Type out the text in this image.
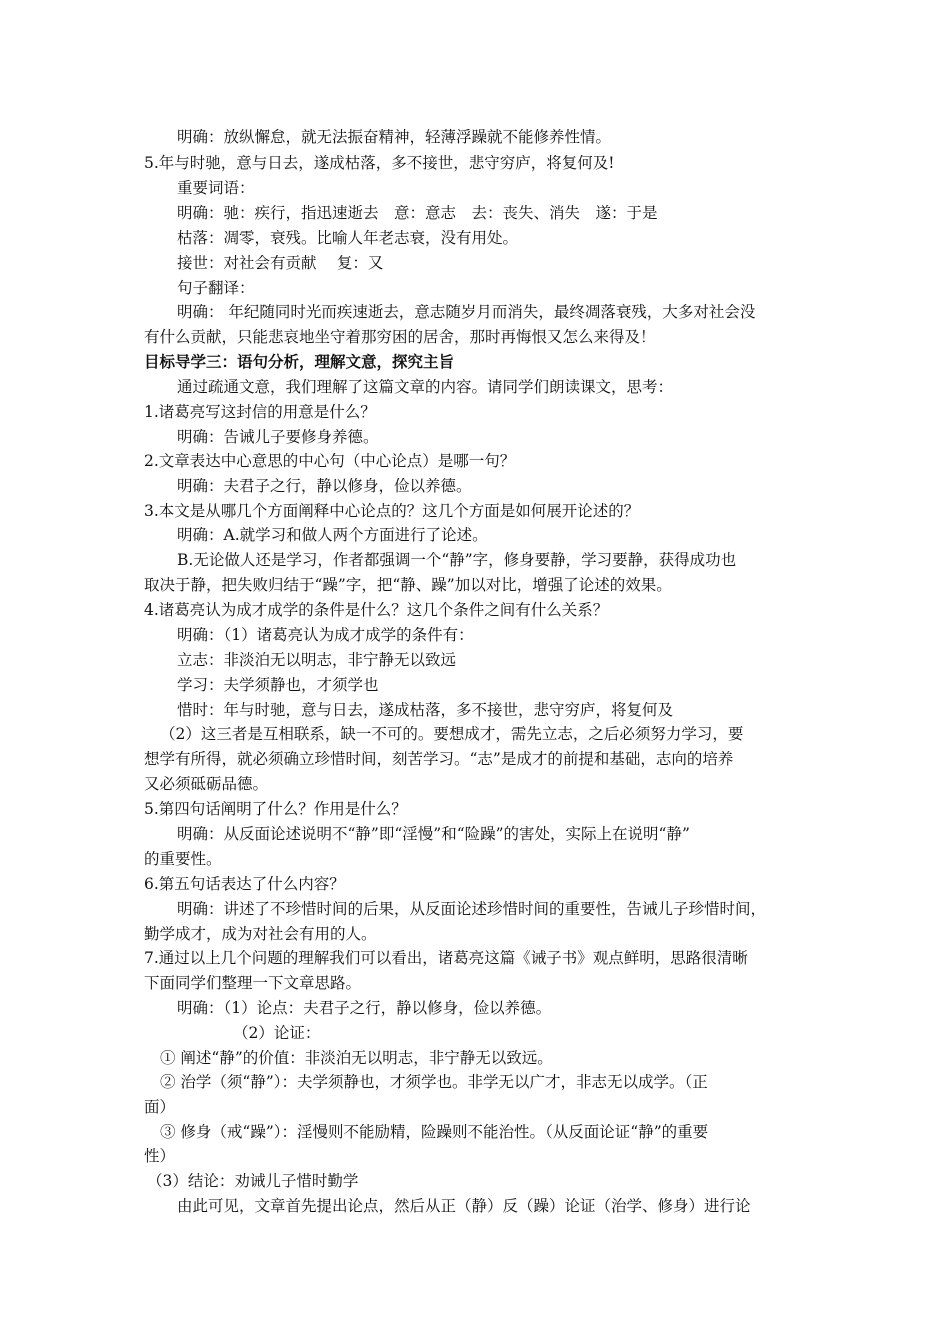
明确：放纵懈怠，就无法振奋精神，轻薄浮躁就不能修养性情。
5.年与时驰，意与日去，遂成枯落，多不接世，悲守穷庐，将复何及!
重要词语：
明确：驰：疾行，指迅速逝去　意：意志　去：丧失、消失　遂：于是
枯落：凋零，衰残。比喻人年老志衰，没有用处。
接世：对社会有贡献　 复：又
句子翻译：
明确： 年纪随同时光而疾速逝去，意志随岁月而消失，最终凋落衰残，大多对社会没
有什么贡献，只能悲哀地坐守着那穷困的居舍，那时再悔恨又怎么来得及！
目标导学三：语句分析，理解文意，探究主旨
通过疏通文意，我们理解了这篇文章的内容。请同学们朗读课文，思考：
1.诸葛亮写这封信的用意是什么？
明确：告诫儿子要修身养德。
2.文章表达中心意思的中心句（中心论点）是哪一句？
明确：夫君子之行，静以修身，俭以养德。
3.本文是从哪几个方面阐释中心论点的？这几个方面是如何展开论述的？
明确：A.就学习和做人两个方面进行了论述。
B.无论做人还是学习，作者都强调一个“静”字，修身要静，学习要静，获得成功也
取决于静，把失败归结于“躁”字，把“静、躁”加以对比，增强了论述的效果。
4.诸葛亮认为成才成学的条件是什么？这几个条件之间有什么关系？
明确：（1）诸葛亮认为成才成学的条件有：
立志：非淡泊无以明志，非宁静无以致远
学习：夫学须静也，才须学也
惜时：年与时驰，意与日去，遂成枯落，多不接世，悲守穷庐，将复何及
（2）这三者是互相联系，缺一不可的。要想成才，需先立志，之后必须努力学习，要
想学有所得，就必须确立珍惜时间，刻苦学习。“志”是成才的前提和基础，志向的培养
又必须砥砺品德。
5.第四句话阐明了什么？作用是什么？
明确：从反面论述说明不“静”即“淫慢”和“险躁”的害处，实际上在说明“静”
的重要性。
6.第五句话表达了什么内容？
明确：讲述了不珍惜时间的后果，从反面论述珍惜时间的重要性，告诫儿子珍惜时间，
勤学成才，成为对社会有用的人。
7.通过以上几个问题的理解我们可以看出，诸葛亮这篇《诫子书》观点鲜明，思路很清晰
下面同学们整理一下文章思路。
明确：（1）论点：夫君子之行，静以修身，俭以养德。
（2）论证：
① 阐述“静”的价值：非淡泊无以明志，非宁静无以致远。
② 治学（须“静”）：夫学须静也，才须学也。非学无以广才，非志无以成学。（正
面）
③ 修身（戒“躁”）：淫慢则不能励精，险躁则不能治性。（从反面论证“静”的重要
性）
（3）结论：劝诫儿子惜时勤学
由此可见，文章首先提出论点，然后从正（静）反（躁）论证（治学、修身）进行论
